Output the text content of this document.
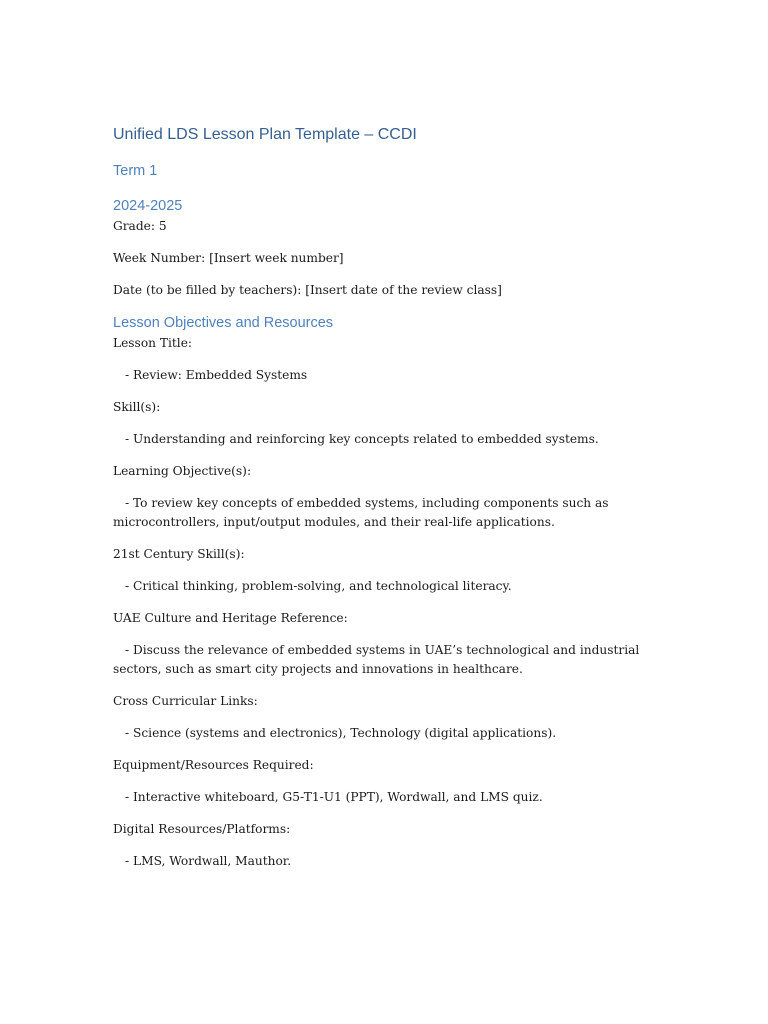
Unified LDS Lesson Plan Template – CCDI
Term 1
2024-2025
Grade: 5
Week Number: [Insert week number]
Date (to be filled by teachers): [Insert date of the review class]
Lesson Objectives and Resources
Lesson Title:
- Review: Embedded Systems
Skill(s):
- Understanding and reinforcing key concepts related to embedded systems.
Learning Objective(s):
- To review key concepts of embedded systems, including components such as microcontrollers, input/output modules, and their real-life applications.
21st Century Skill(s):
- Critical thinking, problem-solving, and technological literacy.
UAE Culture and Heritage Reference:
- Discuss the relevance of embedded systems in UAE’s technological and industrial sectors, such as smart city projects and innovations in healthcare.
Cross Curricular Links:
- Science (systems and electronics), Technology (digital applications).
Equipment/Resources Required:
- Interactive whiteboard, G5-T1-U1 (PPT), Wordwall, and LMS quiz.
Digital Resources/Platforms:
- LMS, Wordwall, Mauthor.
